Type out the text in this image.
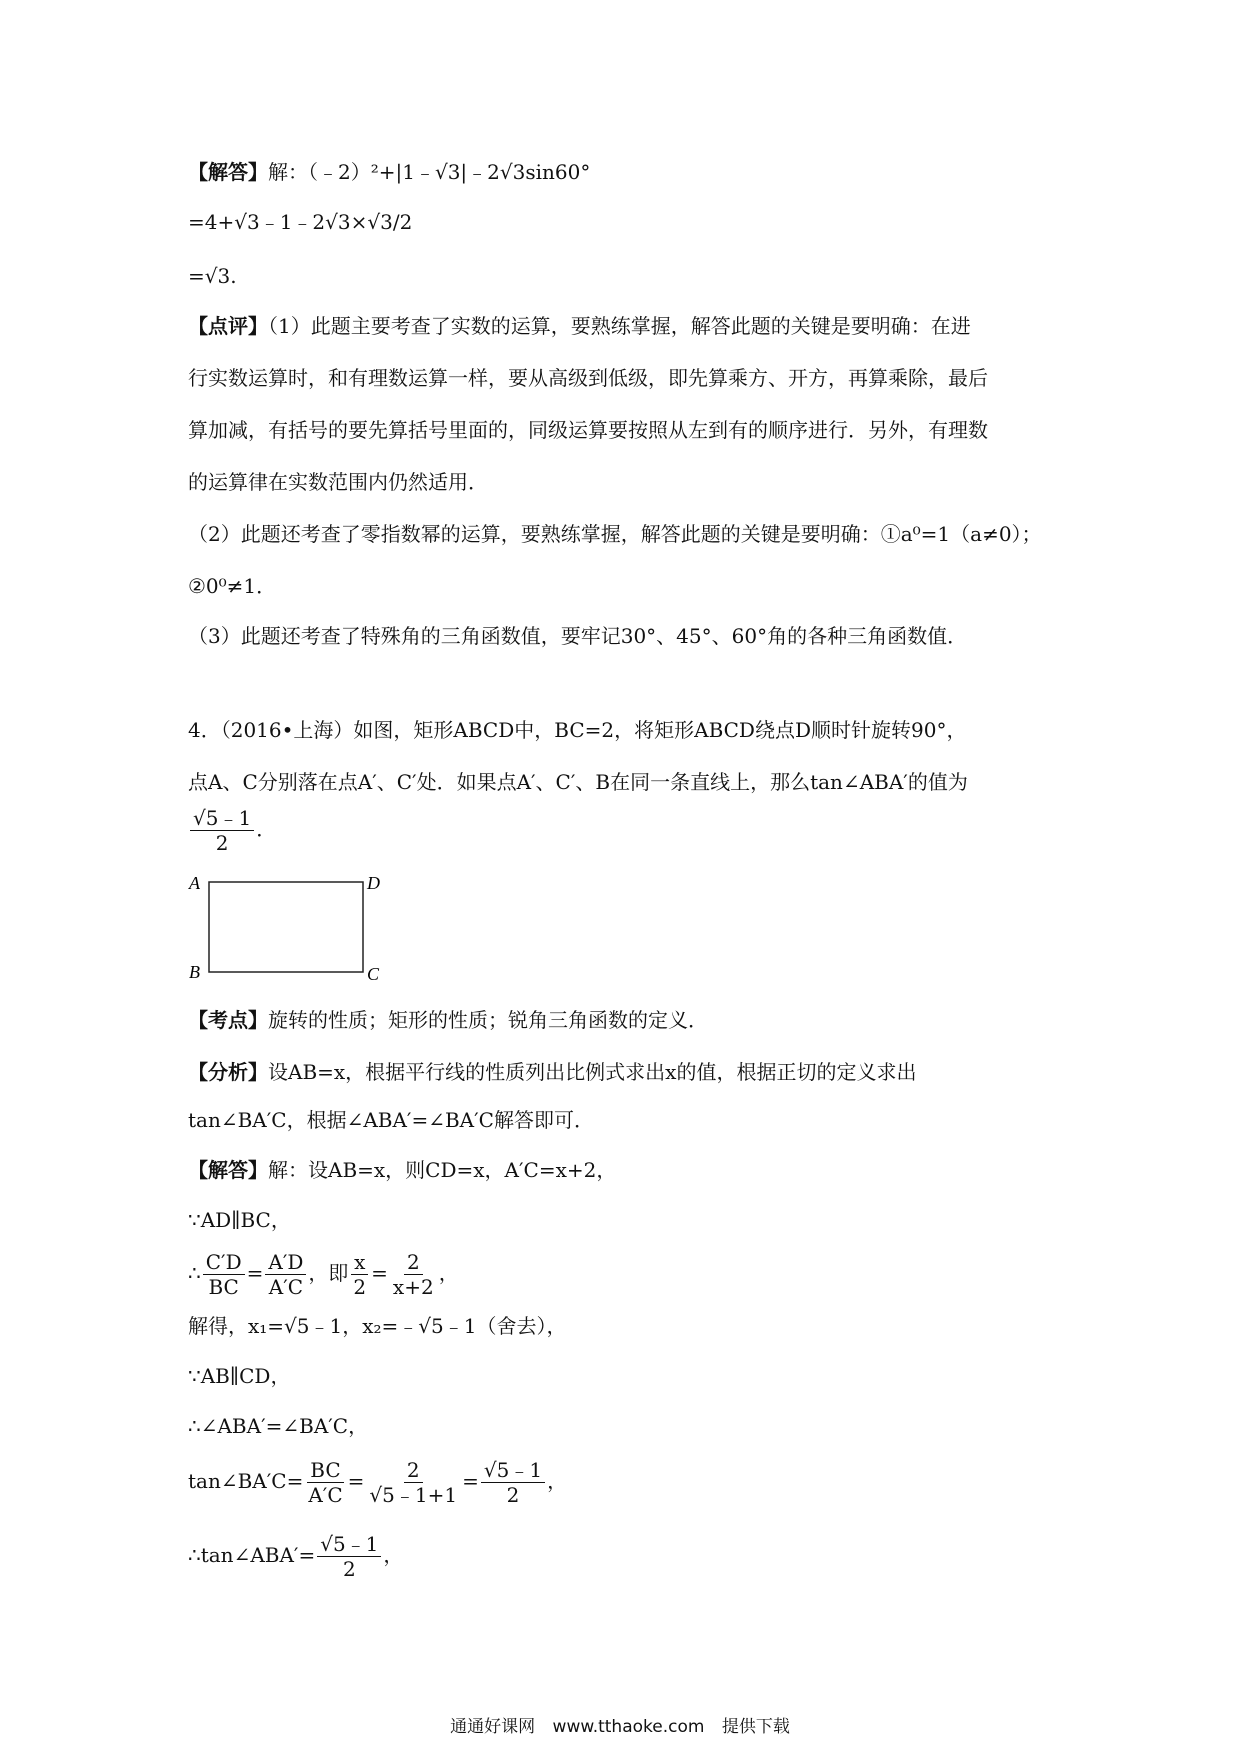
【解答】解：（﹣2）²+|1﹣√3|﹣2√3sin60°
=4+√3﹣1﹣2√3×√3/2
=√3.
【点评】（1）此题主要考查了实数的运算，要熟练掌握，解答此题的关键是要明确：在进
行实数运算时，和有理数运算一样，要从高级到低级，即先算乘方、开方，再算乘除，最后
算加减，有括号的要先算括号里面的，同级运算要按照从左到有的顺序进行．另外，有理数
的运算律在实数范围内仍然适用．
（2）此题还考查了零指数幂的运算，要熟练掌握，解答此题的关键是要明确：①a⁰=1（a≠0）；
②0⁰≠1．
（3）此题还考查了特殊角的三角函数值，要牢记30°、45°、60°角的各种三角函数值．
4．（2016•上海）如图，矩形ABCD中，BC=2，将矩形ABCD绕点D顺时针旋转90°，
点A、C分别落在点A′、C′处．如果点A′、C′、B在同一条直线上，那么tan∠ABA′的值为
$\frac{√5﹣1}{2}$ ．
A	D
B	C
【考点】旋转的性质；矩形的性质；锐角三角函数的定义．
【分析】设AB=x，根据平行线的性质列出比例式求出x的值，根据正切的定义求出
tan∠BA′C，根据∠ABA′=∠BA′C解答即可．
【解答】解：设AB=x，则CD=x，A′C=x+2，
∵AD∥BC，
∴ $\frac{C'D}{BC} = \frac{A'D}{A'C}$ ，即 $\frac{x}{2} = \frac{2}{x+2}$ ，
解得，x₁=√5﹣1，x₂=﹣√5﹣1（舍去），
∵AB∥CD，
∴∠ABA′=∠BA′C，
tan∠BA′C= $\frac{BC}{A'C} = \frac{2}{√5﹣1+1} = \frac{√5﹣1}{2}$ ，
∴tan∠ABA′= $\frac{√5﹣1}{2}$ ，
通通好课网 www.tthaoke.com 提供下载
